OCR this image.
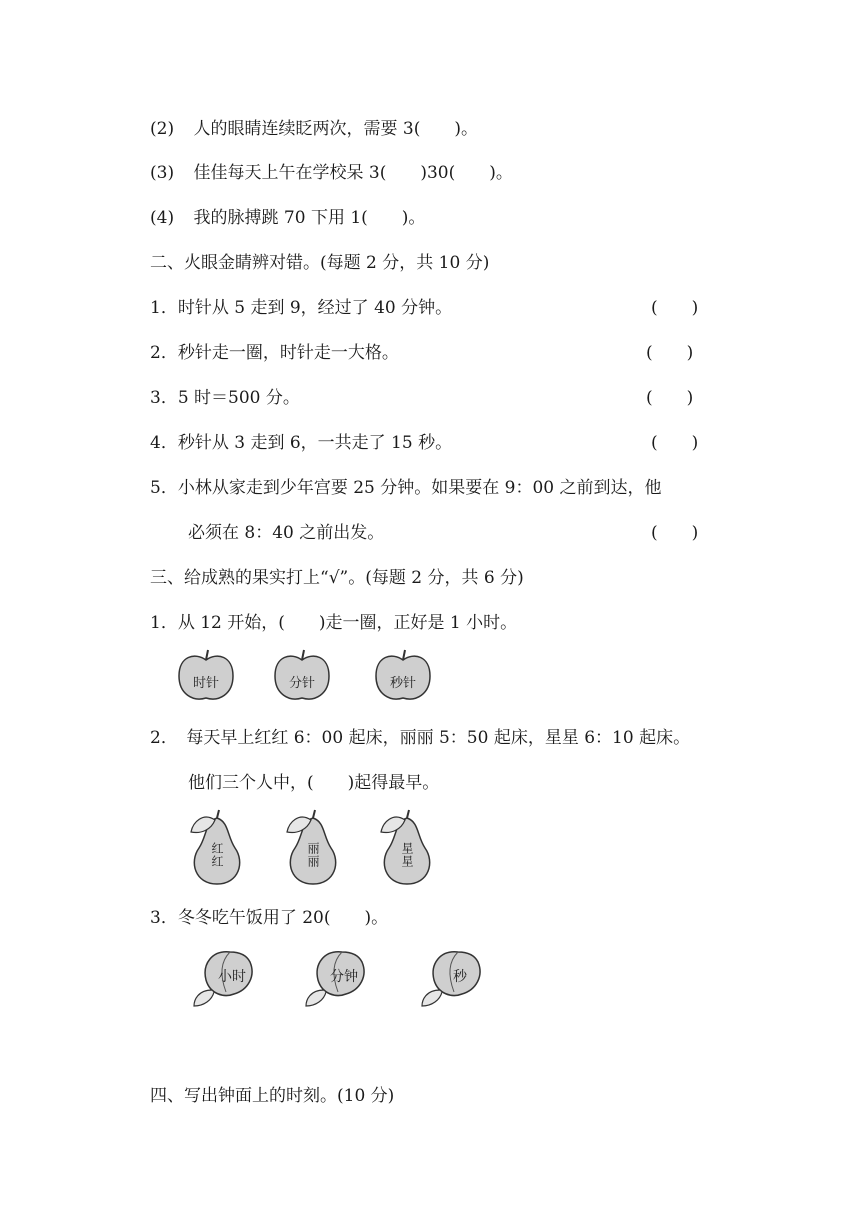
(2) 人的眼睛连续眨两次，需要 3(　　)。
(3) 佳佳每天上午在学校呆 3(　　)30(　　)。
(4) 我的脉搏跳 70 下用 1(　　)。
二、火眼金睛辨对错。(每题 2 分，共 10 分)
1．时针从 5 走到 9，经过了 40 分钟。	(　　)
2．秒针走一圈，时针走一大格。	(　　)
3．5 时＝500 分。	(　　)
4．秒针从 3 走到 6，一共走了 15 秒。	(　　)
5．小林从家走到少年宫要 25 分钟。如果要在 9：00 之前到达，他
必须在 8：40 之前出发。	(　　)
三、给成熟的果实打上“√”。(每题 2 分，共 6 分)
1．从 12 开始，(　　)走一圈，正好是 1 小时。
时针	分针	秒针
2．　每天早上红红 6：00 起床，丽丽 5：50 起床，星星 6：10 起床。
他们三个人中，(　　)起得最早。
红红	丽丽	星星
3．冬冬吃午饭用了 20(　　)。
小时	分钟	秒
四、写出钟面上的时刻。(10 分)
